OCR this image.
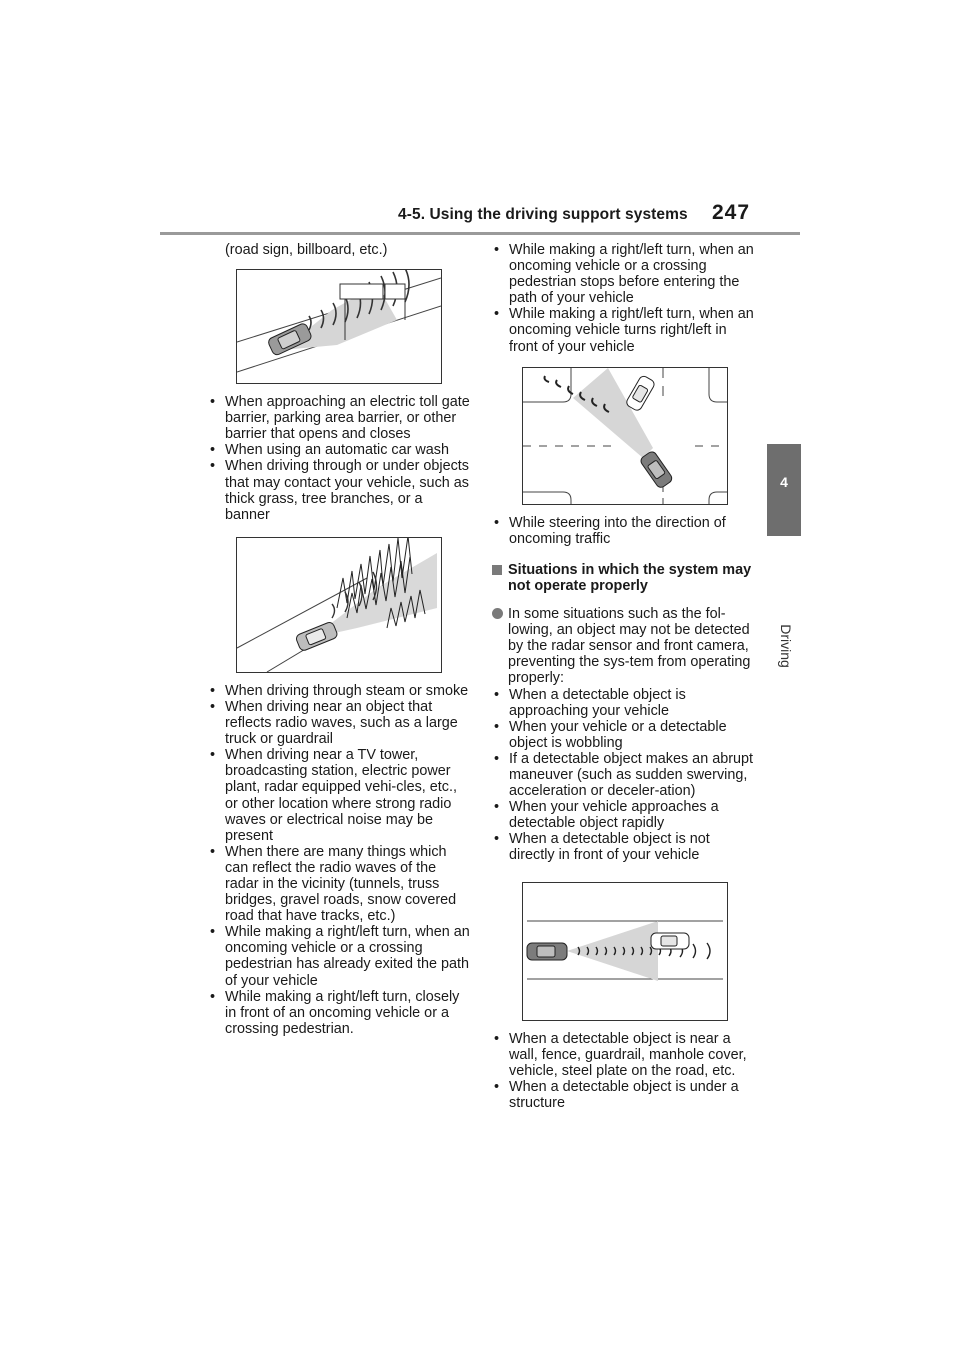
4-5. Using the driving support systems 247
4
Driving

(road sign, billboard, etc.)

• When approaching an electric toll gate barrier, parking area barrier, or other barrier that opens and closes
• When using an automatic car wash
• When driving through or under objects that may contact your vehicle, such as thick grass, tree branches, or a banner
• When driving through steam or smoke
• When driving near an object that reflects radio waves, such as a large truck or guardrail
• When driving near a TV tower, broadcasting station, electric power plant, radar equipped vehi-cles, etc., or other location where strong radio waves or electrical noise may be present
• When there are many things which can reflect the radio waves of the radar in the vicinity (tunnels, truss bridges, gravel roads, snow covered road that have tracks, etc.)
• While making a right/left turn, when an oncoming vehicle or a crossing pedestrian has already exited the path of your vehicle
• While making a right/left turn, closely in front of an oncoming vehicle or a crossing pedestrian.
• While making a right/left turn, when an oncoming vehicle or a crossing pedestrian stops before entering the path of your vehicle
• While making a right/left turn, when an oncoming vehicle turns right/left in front of your vehicle
• While steering into the direction of oncoming traffic
Situations in which the system may not operate properly
In some situations such as the fol-lowing, an object may not be detected by the radar sensor and front camera, preventing the sys-tem from operating properly:
• When a detectable object is approaching your vehicle
• When your vehicle or a detectable object is wobbling
• If a detectable object makes an abrupt maneuver (such as sudden swerving, acceleration or deceler-ation)
• When your vehicle approaches a detectable object rapidly
• When a detectable object is not directly in front of your vehicle
• When a detectable object is near a wall, fence, guardrail, manhole cover, vehicle, steel plate on the road, etc.
• When a detectable object is under a structure
